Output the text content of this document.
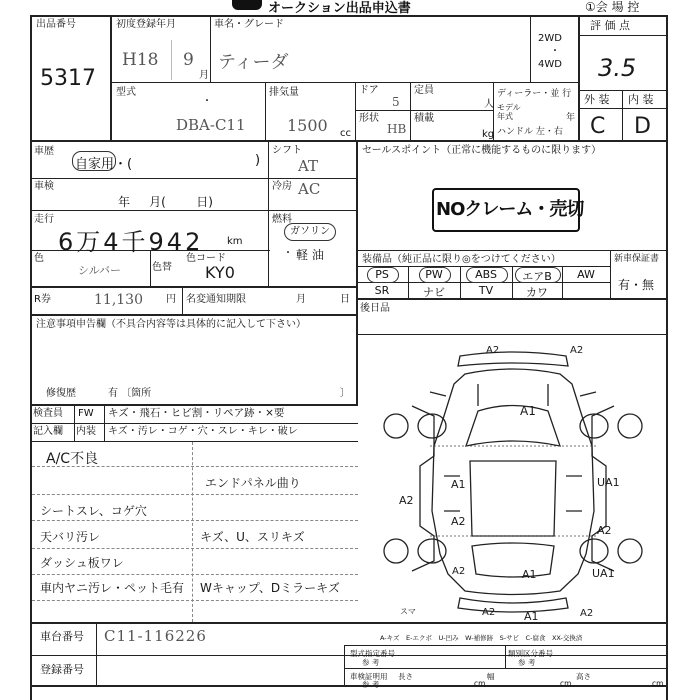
オークション出品申込書	①会 場 控
出品番号
5317
初度登録年月
H18 9
月
車名・グレード
ティーダ
2WD
・
4WD
評 価 点
3.5
型式
・
DBA-C11
排気量
1500 cc
ドア
5
形状
HB
定員
人
積載
kg
ディーラー・並 行
モデル 年式	年
ハンドル 左・右
外 装 内 装
C D
車歴
自家用・(	)
車検
年     月(        日)
走行
6万4千942 km
色
シルバー	色替
色コード
KY0
R券	11,130 円 名変通知期限	月	日
シフト
AT
冷房 AC
燃料
ガソリン
・ 軽 油
セールスポイント（正常に機能するものに限ります）
NOクレーム・売切
装備品（純正品に限り◎をつけてください）	新車保証書
有・無
PS	PW	ABS	エアB	AW
SR	ナビ	TV	カワ
後日品
注意事項申告欄（不具合内容等は具体的に記入して下さい）
修復歴	有 〔箇所	〕
検査員 FW キズ・飛石・ヒビ割・リペア跡・×要
記入欄 内装 キズ・汚レ・コゲ・穴・スレ・キレ・破レ
A/C不良
エンドパネル曲り
シートスレ、コゲ穴
天バリ汚レ	キズ、U、スリキズ
ダッシュ板ワレ
車内ヤニ汚レ・ペット毛有 Wキャップ、Dミラーキズ
A2	A2
A1
A1	UA1
A2
A2
A2
A1
A2	UA1
A1
A2	A2
スマ
A-キズ　E-エクボ　U-凹み　W-補修跡　S-サビ　C-腐食　XX-交換済
車台番号 C11-116226
登録番号
型式指定番号
参 考
類別区分番号
参 考
車検証明用
参 考
長さ
cm
幅
cm
高さ
cm
